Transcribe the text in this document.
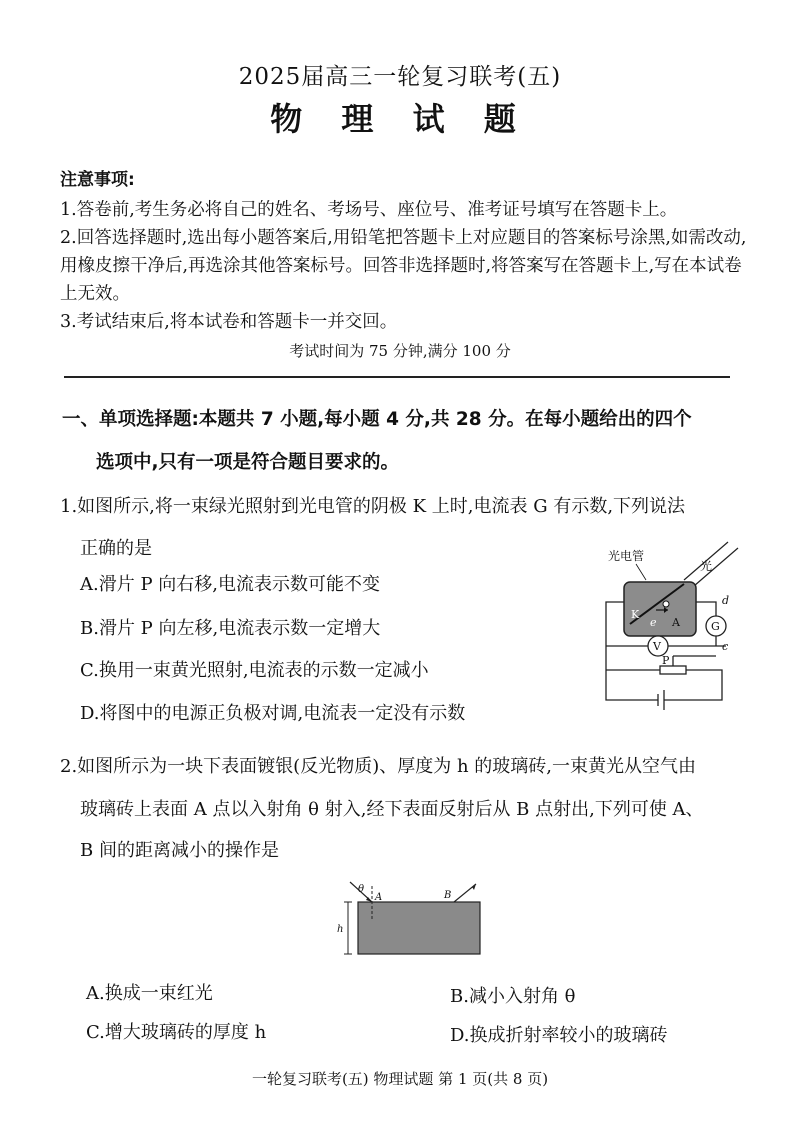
2025届高三一轮复习联考(五)
物 理 试 题
注意事项:

1.答卷前,考生务必将自己的姓名、考场号、座位号、准考证号填写在答题卡上。

2.回答选择题时,选出每小题答案后,用铅笔把答题卡上对应题目的答案标号涂黑,如需改动,用橡皮擦干净后,再选涂其他答案标号。回答非选择题时,将答案写在答题卡上,写在本试卷上无效。

3.考试结束后,将本试卷和答题卡一并交回。

考试时间为 75 分钟,满分 100 分
一、单项选择题:本题共 7 小题,每小题 4 分,共 28 分。在每小题给出的四个
选项中,只有一项是符合题目要求的。
1.如图所示,将一束绿光照射到光电管的阴极 K 上时,电流表 G 有示数,下列说法
正确的是
A.滑片 P 向右移,电流表示数可能不变
B.滑片 P 向左移,电流表示数一定增大
C.换用一束黄光照射,电流表的示数一定减小
D.将图中的电源正负极对调,电流表一定没有示数
K
A
e
光电管
光
G
V
d
c
P
2.如图所示为一块下表面镀银(反光物质)、厚度为 h 的玻璃砖,一束黄光从空气由
玻璃砖上表面 A 点以入射角 θ 射入,经下表面反射后从 B 点射出,下列可使 A、
B 间的距离减小的操作是
θ
A	B
h
A.换成一束红光	B.减小入射角 θ
C.增大玻璃砖的厚度 h	D.换成折射率较小的玻璃砖
一轮复习联考(五) 物理试题 第 1 页(共 8 页)
